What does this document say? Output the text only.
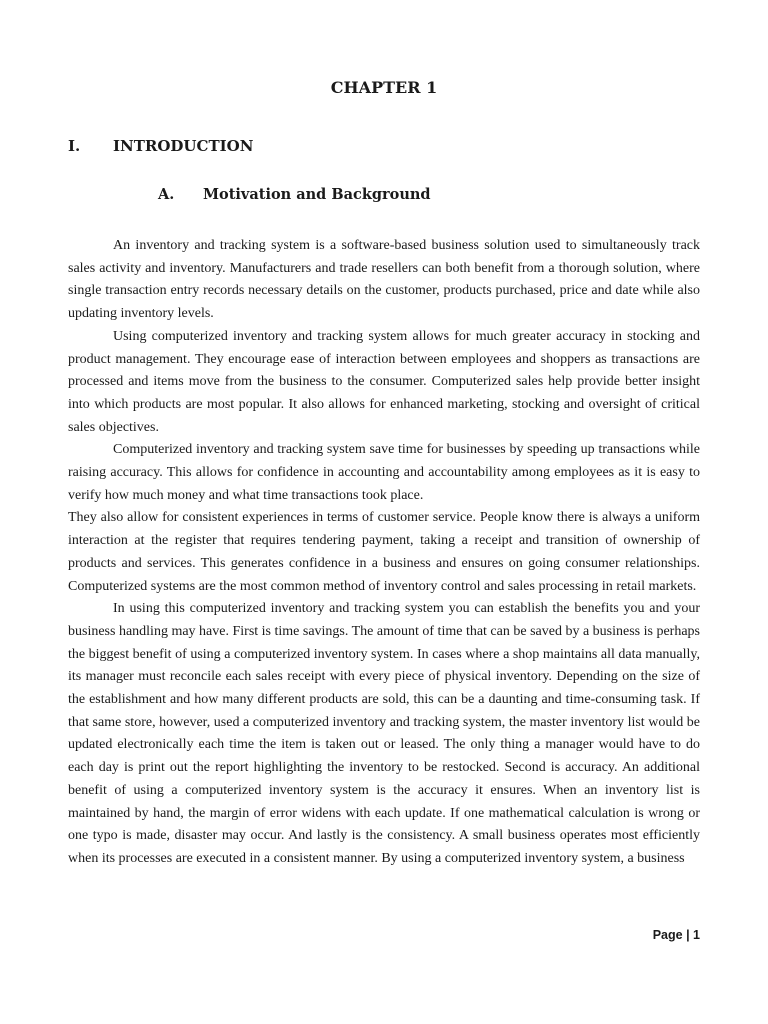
CHAPTER 1
I.	INTRODUCTION
A.	Motivation and Background

An inventory and tracking system is a software-based business solution used to simultaneously track sales activity and inventory. Manufacturers and trade resellers can both benefit from a thorough solution, where single transaction entry records necessary details on the customer, products purchased, price and date while also updating inventory levels.

Using computerized inventory and tracking system allows for much greater accuracy in stocking and product management. They encourage ease of interaction between employees and shoppers as transactions are processed and items move from the business to the consumer. Computerized sales help provide better insight into which products are most popular. It also allows for enhanced marketing, stocking and oversight of critical sales objectives.

Computerized inventory and tracking system save time for businesses by speeding up transactions while raising accuracy. This allows for confidence in accounting and accountability among employees as it is easy to verify how much money and what time transactions took place.

They also allow for consistent experiences in terms of customer service. People know there is always a uniform interaction at the register that requires tendering payment, taking a receipt and transition of ownership of products and services. This generates confidence in a business and ensures on going consumer relationships. Computerized systems are the most common method of inventory control and sales processing in retail markets.

In using this computerized inventory and tracking system you can establish the benefits you and your business handling may have. First is time savings. The amount of time that can be saved by a business is perhaps the biggest benefit of using a computerized inventory system. In cases where a shop maintains all data manually, its manager must reconcile each sales receipt with every piece of physical inventory. Depending on the size of the establishment and how many different products are sold, this can be a daunting and time-consuming task. If that same store, however, used a computerized inventory and tracking system, the master inventory list would be updated electronically each time the item is taken out or leased. The only thing a manager would have to do each day is print out the report highlighting the inventory to be restocked. Second is accuracy. An additional benefit of using a computerized inventory system is the accuracy it ensures. When an inventory list is maintained by hand, the margin of error widens with each update. If one mathematical calculation is wrong or one typo is made, disaster may occur. And lastly is the consistency. A small business operates most efficiently when its processes are executed in a consistent manner. By using a computerized inventory system, a business

Page | 1
